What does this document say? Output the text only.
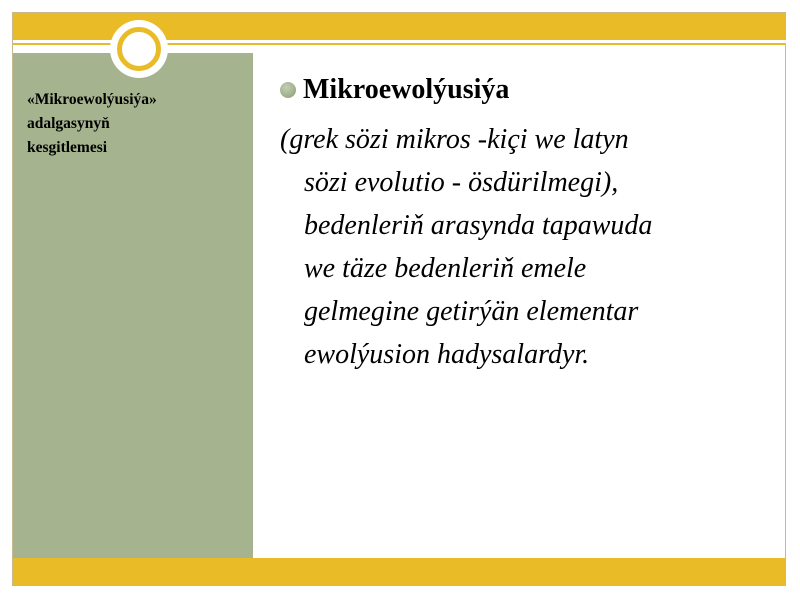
«Mikroewolýusiýa»
adalgasynyň
kesgitlemesi
Mikroewolýusiýa
(grek sözi mikros -kiçi we latyn
sözi evolutio - ösdürilmegi),
bedenleriň arasynda tapawuda
we täze bedenleriň emele
gelmegine getirýän elementar
ewolýusion hadysalardyr.
